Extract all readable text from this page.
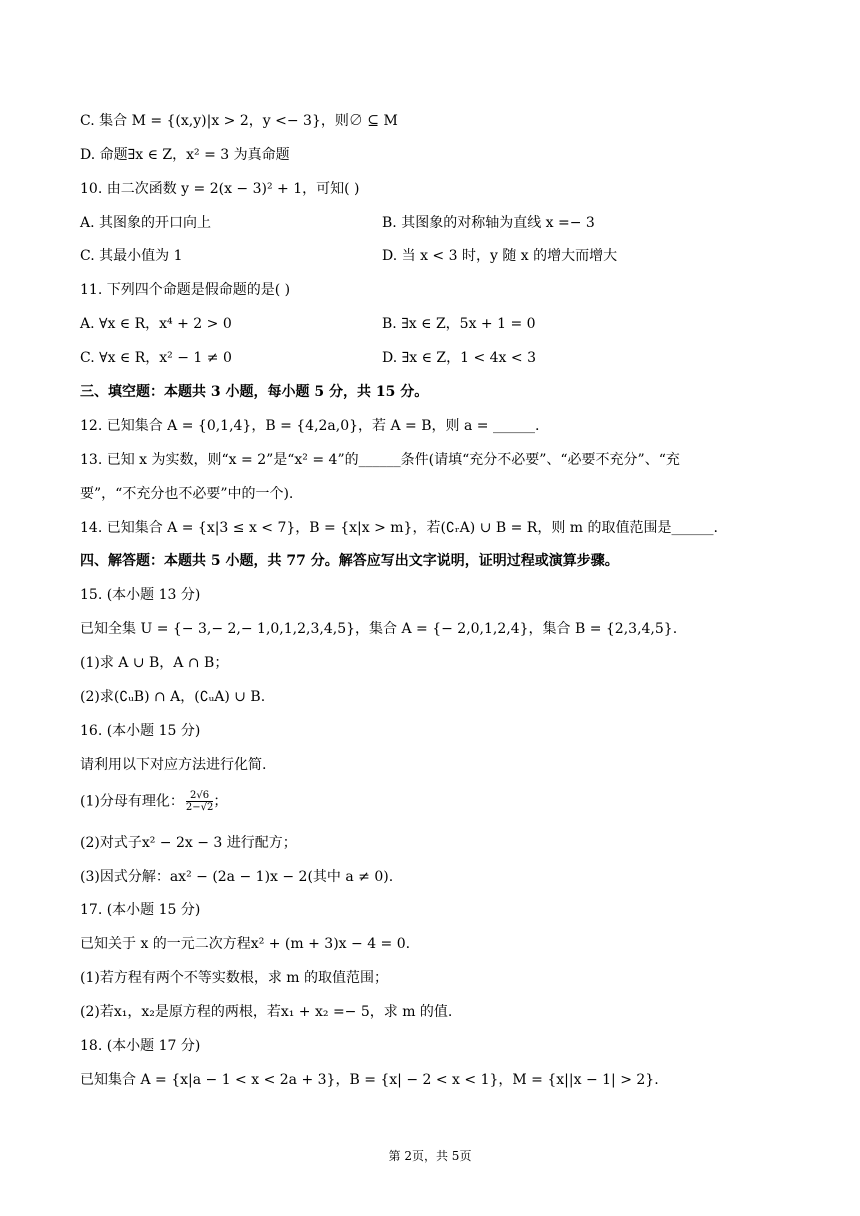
C. 集合 M = {(x,y)|x > 2，y <− 3}，则∅ ⊆ M
D. 命题∃x ∈ Z，x² = 3 为真命题
10. 由二次函数 y = 2(x − 3)² + 1，可知( )
A. 其图象的开口向上	B. 其图象的对称轴为直线 x =− 3
C. 其最小值为 1	D. 当 x < 3 时，y 随 x 的增大而增大
11. 下列四个命题是假命题的是( )
A. ∀x ∈ R，x⁴ + 2 > 0	B. ∃x ∈ Z，5x + 1 = 0
C. ∀x ∈ R，x² − 1 ≠ 0	D. ∃x ∈ Z，1 < 4x < 3
三、填空题：本题共 3 小题，每小题 5 分，共 15 分。
12. 已知集合 A = {0,1,4}，B = {4,2a,0}，若 A = B，则 a = ______.
13. 已知 x 为实数，则“x = 2”是“x² = 4”的______条件(请填“充分不必要”、“必要不充分”、“充
要”，“不充分也不必要”中的一个).
14. 已知集合 A = {x|3 ≤ x < 7}，B = {x|x > m}，若(∁ᵣA) ∪ B = R，则 m 的取值范围是______.
四、解答题：本题共 5 小题，共 77 分。解答应写出文字说明，证明过程或演算步骤。
15. (本小题 13 分)
已知全集 U = {− 3,− 2,− 1,0,1,2,3,4,5}，集合 A = {− 2,0,1,2,4}，集合 B = {2,3,4,5}.
(1)求 A ∪ B，A ∩ B；
(2)求(∁ᵤB) ∩ A，(∁ᵤA) ∪ B.
16. (本小题 15 分)
请利用以下对应方法进行化简.
(1)分母有理化： $\frac{2√6}{2-√2}$ ；
(2)对式子x² − 2x − 3 进行配方；
(3)因式分解：ax² − (2a − 1)x − 2(其中 a ≠ 0).
17. (本小题 15 分)
已知关于 x 的一元二次方程x² + (m + 3)x − 4 = 0.
(1)若方程有两个不等实数根，求 m 的取值范围；
(2)若x₁，x₂是原方程的两根，若x₁ + x₂ =− 5，求 m 的值.
18. (本小题 17 分)
已知集合 A = {x|a − 1 < x < 2a + 3}，B = {x| − 2 < x < 1}，M = {x||x − 1| > 2}.
第 2页，共 5页
